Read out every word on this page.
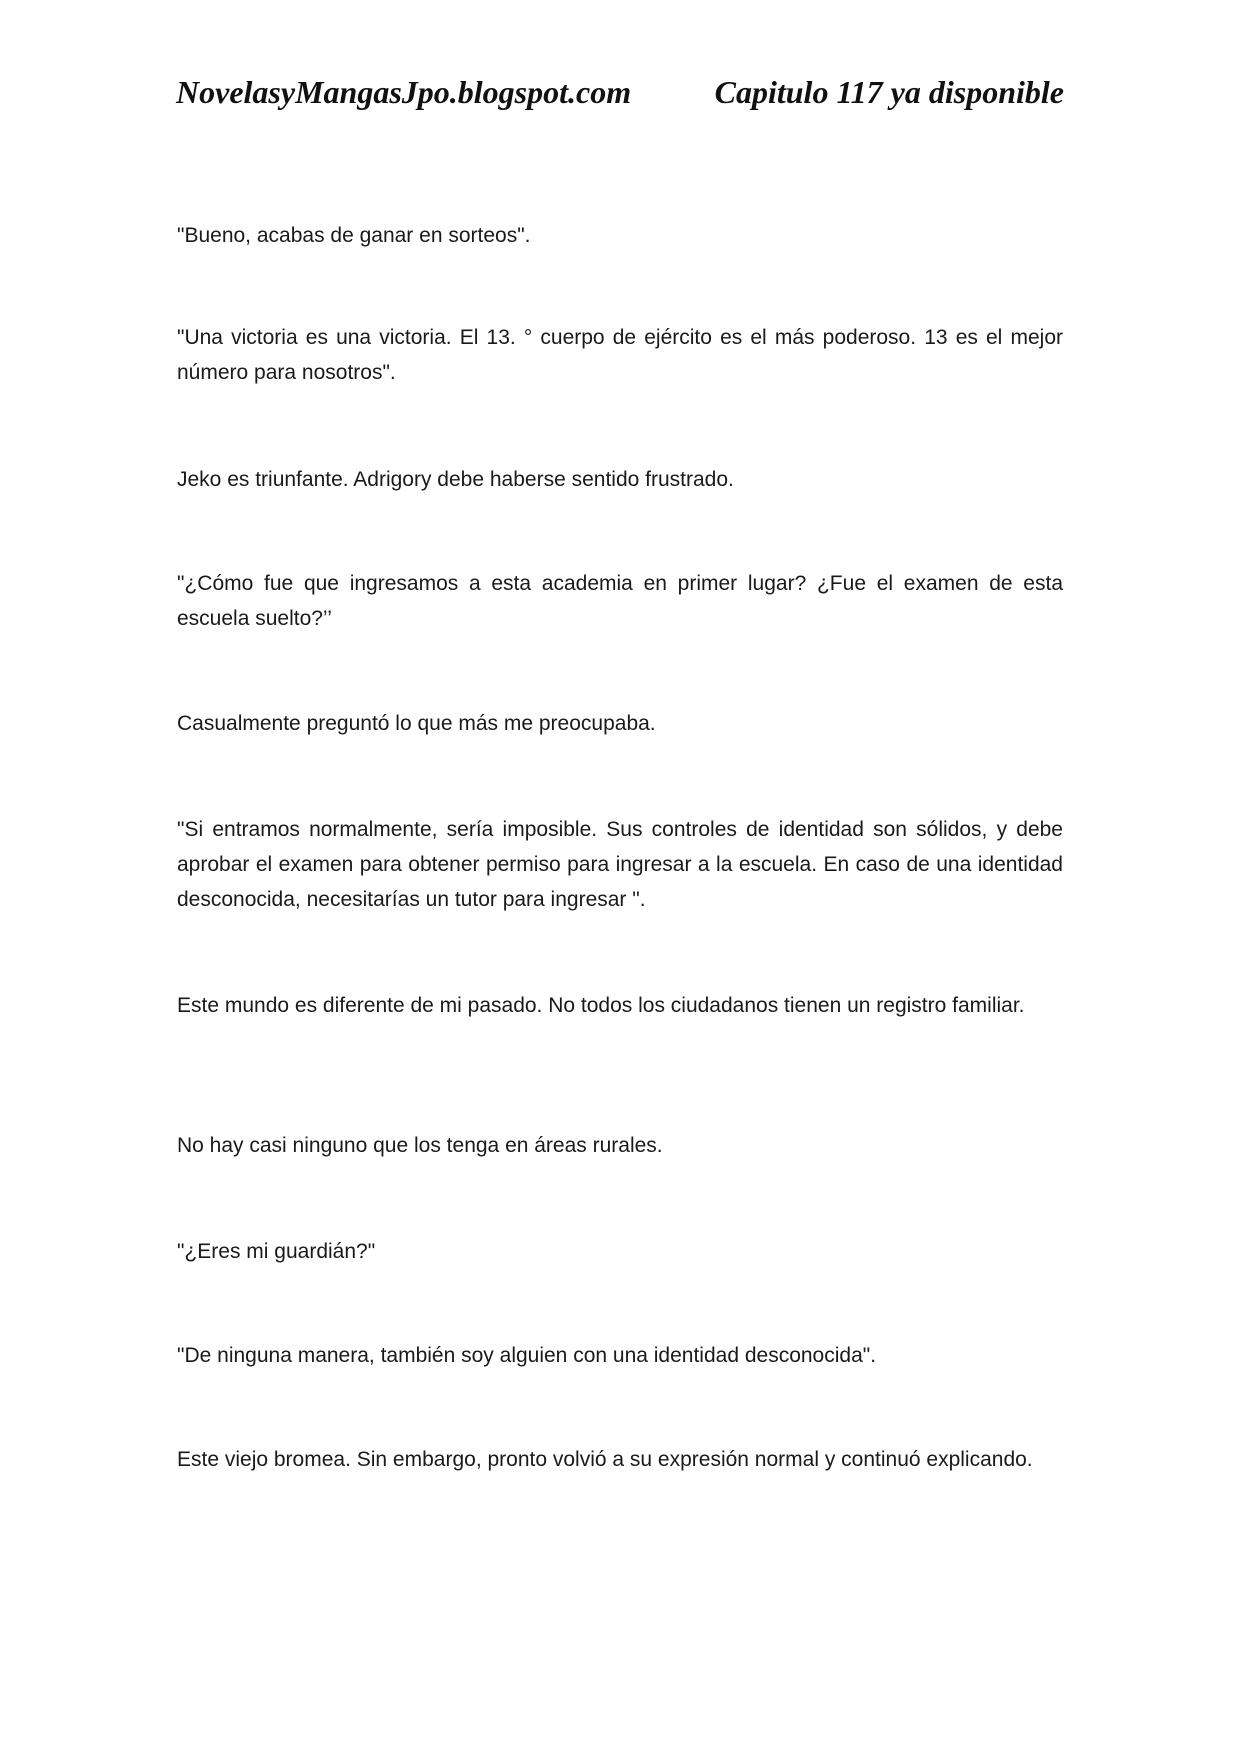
NovelasyMangasJpo.blogspot.com	Capitulo 117 ya disponible

"Bueno, acabas de ganar en sorteos".

"Una victoria es una victoria. El 13. ° cuerpo de ejército es el más poderoso. 13 es el mejor número para nosotros".

Jeko es triunfante. Adrigory debe haberse sentido frustrado.

"¿Cómo fue que ingresamos a esta academia en primer lugar? ¿Fue el examen de esta escuela suelto?’’

Casualmente preguntó lo que más me preocupaba.

"Si entramos normalmente, sería imposible. Sus controles de identidad son sólidos, y debe aprobar el examen para obtener permiso para ingresar a la escuela. En caso de una identidad desconocida, necesitarías un tutor para ingresar ".

Este mundo es diferente de mi pasado. No todos los ciudadanos tienen un registro familiar.

No hay casi ninguno que los tenga en áreas rurales.

"¿Eres mi guardián?"

"De ninguna manera, también soy alguien con una identidad desconocida".

Este viejo bromea. Sin embargo, pronto volvió a su expresión normal y continuó explicando.
